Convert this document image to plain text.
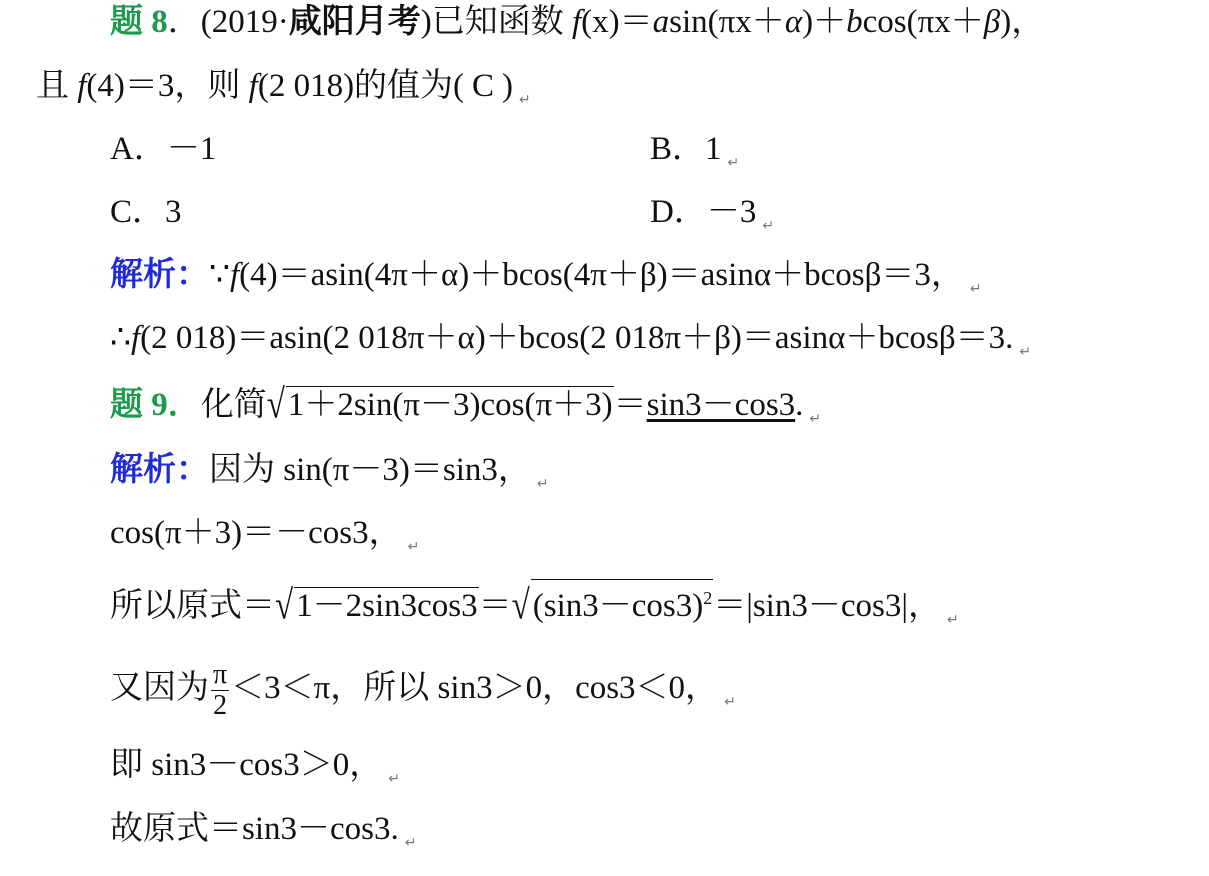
题 8．(2019·咸阳月考)已知函数 f(x)＝asin(πx＋α)＋bcos(πx＋β)，
且 f(4)＝3，则 f(2 018)的值为( C ) ↵
A．－1	B．1 ↵
C．3	D．－3 ↵
解析：∵f(4)＝asin(4π＋α)＋bcos(4π＋β)＝asinα＋bcosβ＝3， ↵
∴f(2 018)＝asin(2 018π＋α)＋bcos(2 018π＋β)＝asinα＋bcosβ＝3. ↵
题 9．化简√1＋2sin(π－3)cos(π＋3)＝sin3－cos3. ↵
解析：因为 sin(π－3)＝sin3， ↵
cos(π＋3)＝－cos3， ↵
所以原式$=√1-2\sin 3\cos 3=√(\sin 3-\cos 3)^2=|\sin 3-\cos 3|$， ↵
又因为 $\frac{\pi}{2} <3<\pi$，所以 sin3＞0，cos3＜0， ↵
即 sin3－cos3＞0， ↵
故原式＝sin3－cos3. ↵
